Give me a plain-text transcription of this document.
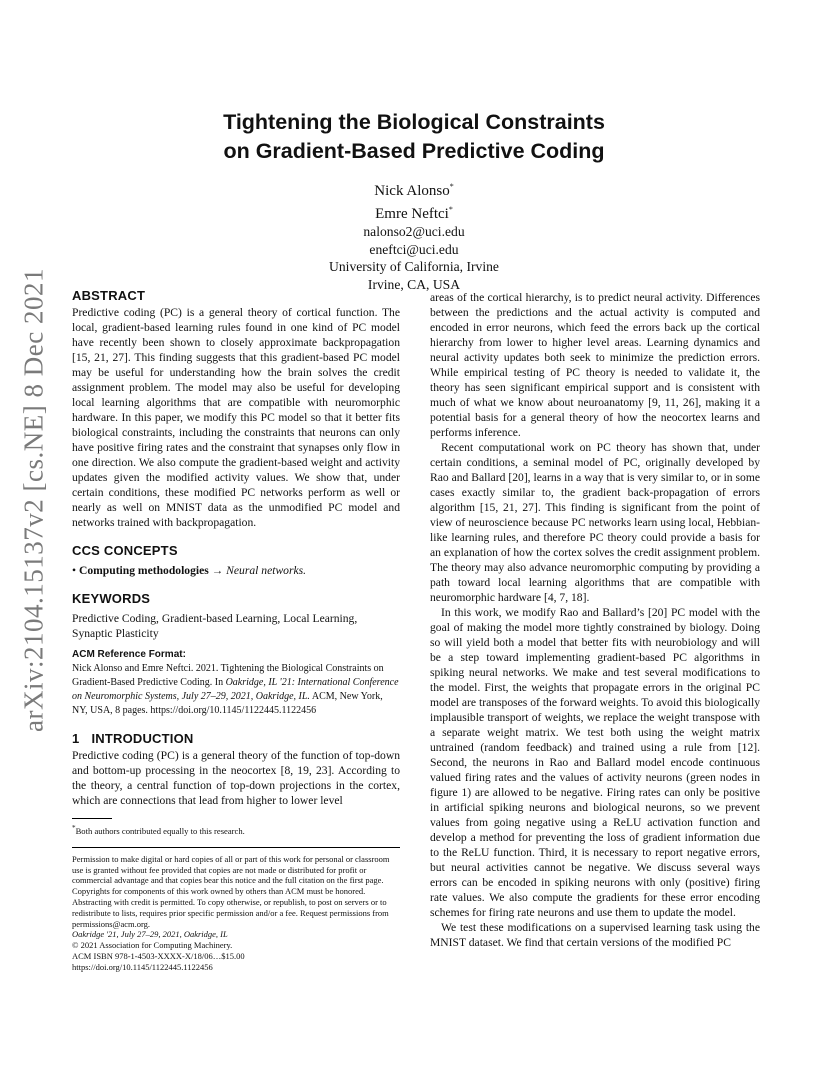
arXiv:2104.15137v2 [cs.NE] 8 Dec 2021
Tightening the Biological Constraints
on Gradient-Based Predictive Coding
Nick Alonso*
Emre Neftci*
nalonso2@uci.edu
eneftci@uci.edu
University of California, Irvine
Irvine, CA, USA
ABSTRACT

Predictive coding (PC) is a general theory of cortical function. The local, gradient-based learning rules found in one kind of PC model have recently been shown to closely approximate backpropagation [15, 21, 27]. This finding suggests that this gradient-based PC model may be useful for understanding how the brain solves the credit assignment problem. The model may also be useful for developing local learning algorithms that are compatible with neuromorphic hardware. In this paper, we modify this PC model so that it better fits biological constraints, including the constraints that neurons can only have positive firing rates and the constraint that synapses only flow in one direction. We also compute the gradient-based weight and activity updates given the modified activity values. We show that, under certain conditions, these modified PC networks perform as well or nearly as well on MNIST data as the unmodified PC model and networks trained with backpropagation.

CCS CONCEPTS
• Computing methodologies → Neural networks.
KEYWORDS

Predictive Coding, Gradient-based Learning, Local Learning, Synaptic Plasticity

ACM Reference Format:

Nick Alonso and Emre Neftci. 2021. Tightening the Biological Constraints on Gradient-Based Predictive Coding. In Oakridge, IL '21: International Conference on Neuromorphic Systems, July 27–29, 2021, Oakridge, IL. ACM, New York, NY, USA, 8 pages. https://doi.org/10.1145/1122445.1122456

1 INTRODUCTION

Predictive coding (PC) is a general theory of the function of top-down and bottom-up processing in the neocortex [8, 19, 23]. According to the theory, a central function of top-down projections in the cortex, which are connections that lead from higher to lower level

*Both authors contributed equally to this research.

Permission to make digital or hard copies of all or part of this work for personal or classroom use is granted without fee provided that copies are not made or distributed for profit or commercial advantage and that copies bear this notice and the full citation on the first page. Copyrights for components of this work owned by others than ACM must be honored. Abstracting with credit is permitted. To copy otherwise, or republish, to post on servers or to redistribute to lists, requires prior specific permission and/or a fee. Request permissions from permissions@acm.org.

Oakridge '21, July 27–29, 2021, Oakridge, IL

© 2021 Association for Computing Machinery.

ACM ISBN 978-1-4503-XXXX-X/18/06…$15.00

https://doi.org/10.1145/1122445.1122456

areas of the cortical hierarchy, is to predict neural activity. Differences between the predictions and the actual activity is computed and encoded in error neurons, which feed the errors back up the cortical hierarchy from lower to higher level areas. Learning dynamics and neural activity updates both seek to minimize the prediction errors. While empirical testing of PC theory is needed to validate it, the theory has seen significant empirical support and is consistent with much of what we know about neuroanatomy [9, 11, 26], making it a potential basis for a general theory of how the neocortex learns and performs inference.

Recent computational work on PC theory has shown that, under certain conditions, a seminal model of PC, originally developed by Rao and Ballard [20], learns in a way that is very similar to, or in some cases exactly similar to, the gradient back-propagation of errors algorithm [15, 21, 27]. This finding is significant from the point of view of neuroscience because PC networks learn using local, Hebbian-like learning rules, and therefore PC theory could provide a basis for an explanation of how the cortex solves the credit assignment problem. The theory may also advance neuromorphic computing by providing a path toward local learning algorithms that are compatible with neuromorphic hardware [4, 7, 18].

In this work, we modify Rao and Ballard’s [20] PC model with the goal of making the model more tightly constrained by biology. Doing so will yield both a model that better fits with neurobiology and will be a step toward implementing gradient-based PC algorithms in spiking neural networks. We make and test several modifications to the model. First, the weights that propagate errors in the original PC model are transposes of the forward weights. To avoid this biologically implausible transport of weights, we replace the weight transpose with a separate weight matrix. We test both using the weight matrix untrained (random feedback) and trained using a rule from [12]. Second, the neurons in Rao and Ballard model encode continuous valued firing rates and the values of activity neurons (green nodes in figure 1) are allowed to be negative. Firing rates can only be positive in artificial spiking neurons and biological neurons, so we prevent values from going negative using a ReLU activation function and develop a method for preventing the loss of gradient information due to the ReLU function. Third, it is necessary to report negative errors, but neural activities cannot be negative. We discuss several ways errors can be encoded in spiking neurons with only (positive) firing rate values. We also compute the gradients for these error encoding schemes for firing rate neurons and use them to update the model.

We test these modifications on a supervised learning task using the MNIST dataset. We find that certain versions of the modified PC
